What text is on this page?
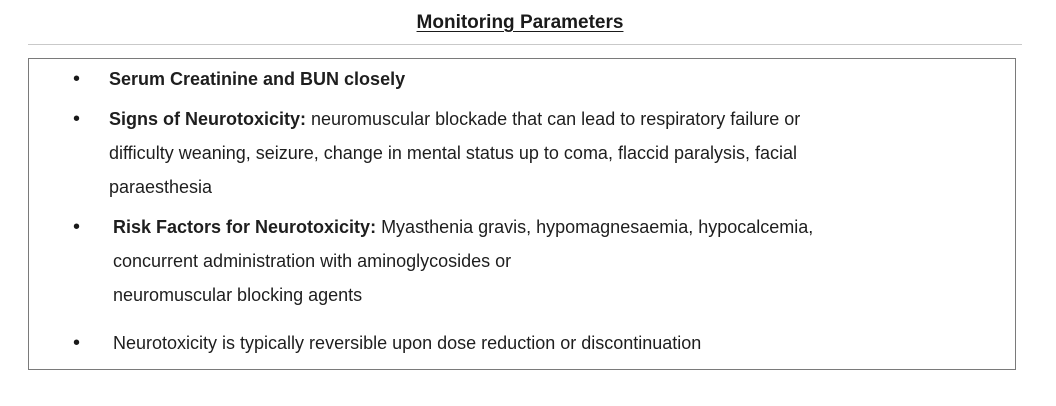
Monitoring Parameters
• Serum Creatinine and BUN closely
• Signs of Neurotoxicity: neuromuscular blockade that can lead to respiratory failure or
difficulty weaning, seizure, change in mental status up to coma, flaccid paralysis, facial
paraesthesia
• Risk Factors for Neurotoxicity: Myasthenia gravis, hypomagnesaemia, hypocalcemia,
concurrent administration with aminoglycosides or
neuromuscular blocking agents
• Neurotoxicity is typically reversible upon dose reduction or discontinuation
